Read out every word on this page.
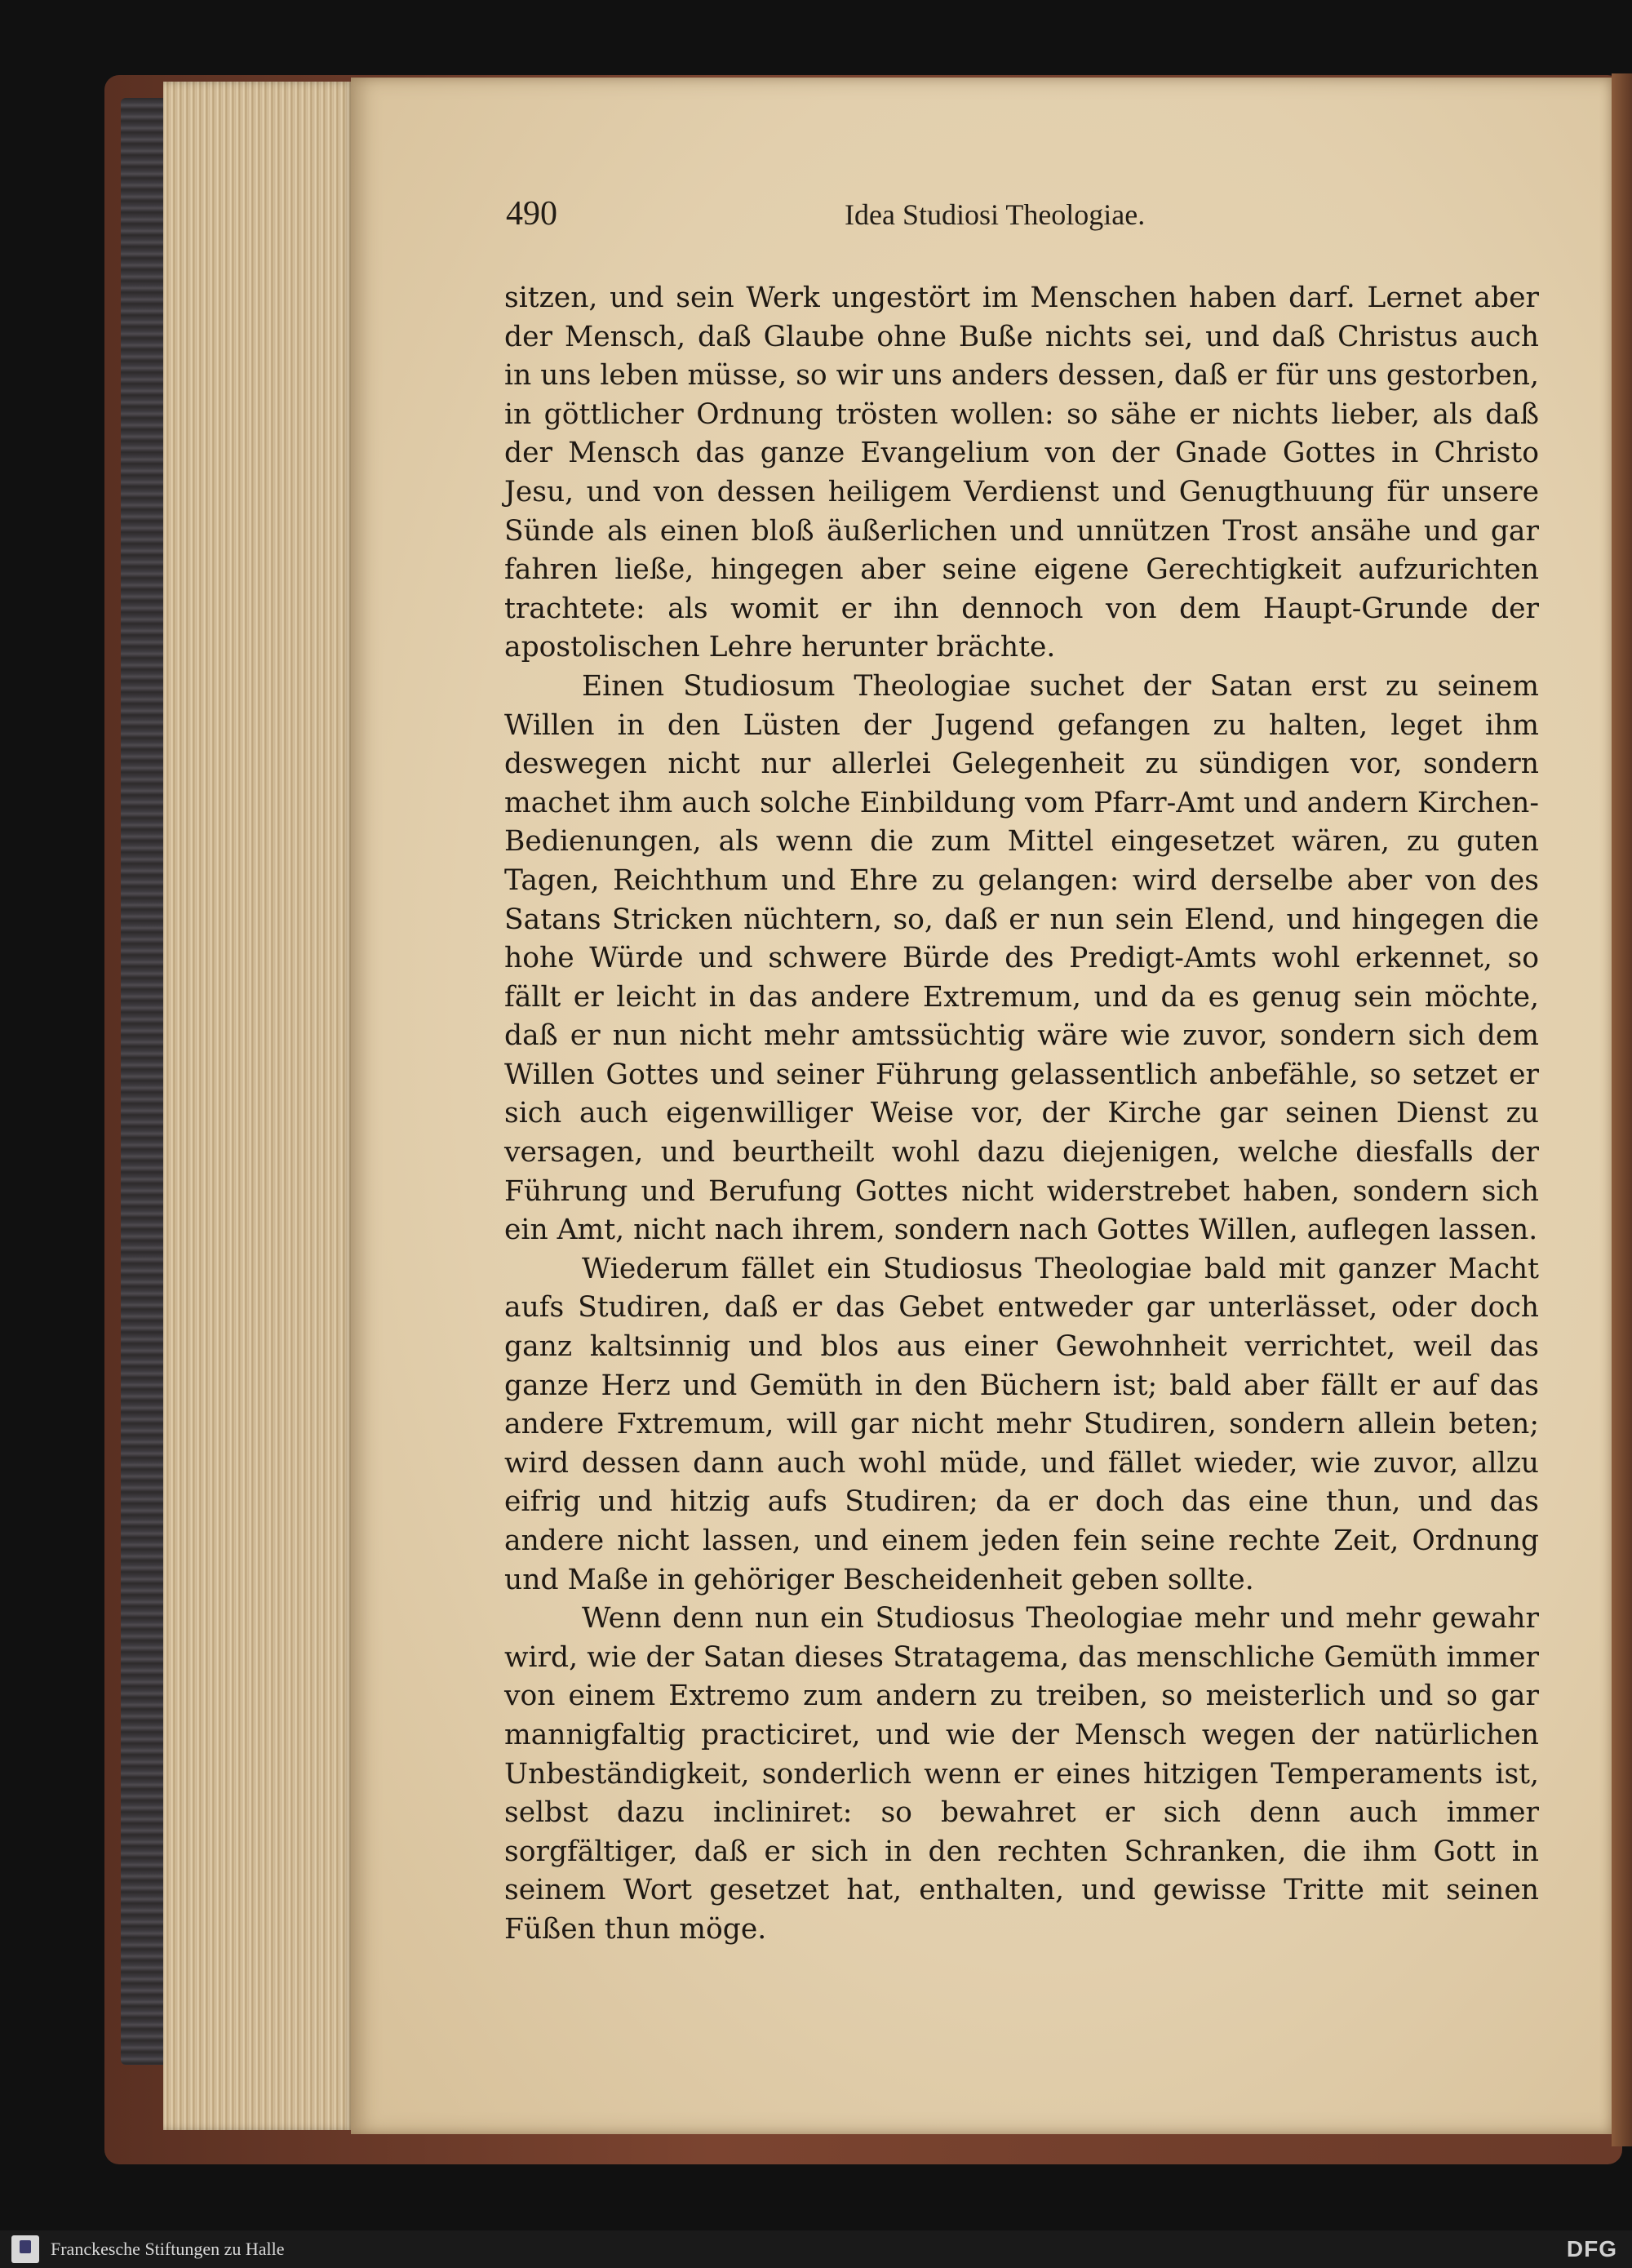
490	Idea Studiosi Theologiae.

sitzen, und sein Werk ungestört im Menschen haben darf. Lernet aber der Mensch, daß Glaube ohne Buße nichts sei, und daß Christus auch in uns leben müsse, so wir uns anders dessen, daß er für uns gestorben, in göttlicher Ordnung trösten wollen: so sähe er nichts lieber, als daß der Mensch das ganze Evangelium von der Gnade Gottes in Christo Jesu, und von dessen heiligem Verdienst und Genugthuung für unsere Sünde als einen bloß äußerlichen und unnützen Trost ansähe und gar fahren ließe, hingegen aber seine eigene Gerechtigkeit aufzurichten trachtete: als womit er ihn dennoch von dem Haupt-Grunde der apostolischen Lehre herunter brächte.

Einen Studiosum Theologiae suchet der Satan erst zu seinem Willen in den Lüsten der Jugend gefangen zu halten, leget ihm deswegen nicht nur allerlei Gelegenheit zu sündigen vor, sondern machet ihm auch solche Einbildung vom Pfarr-Amt und andern Kirchen-Bedienungen, als wenn die zum Mittel eingesetzet wären, zu guten Tagen, Reichthum und Ehre zu gelangen: wird derselbe aber von des Satans Stricken nüchtern, so, daß er nun sein Elend, und hingegen die hohe Würde und schwere Bürde des Predigt-Amts wohl erkennet, so fällt er leicht in das andere Extremum, und da es genug sein möchte, daß er nun nicht mehr amtssüchtig wäre wie zuvor, sondern sich dem Willen Gottes und seiner Führung gelassentlich anbefähle, so setzet er sich auch eigenwilliger Weise vor, der Kirche gar seinen Dienst zu versagen, und beurtheilt wohl dazu diejenigen, welche diesfalls der Führung und Berufung Gottes nicht widerstrebet haben, sondern sich ein Amt, nicht nach ihrem, sondern nach Gottes Willen, auflegen lassen.

Wiederum fället ein Studiosus Theologiae bald mit ganzer Macht aufs Studiren, daß er das Gebet entweder gar unterlässet, oder doch ganz kaltsinnig und blos aus einer Gewohnheit verrichtet, weil das ganze Herz und Gemüth in den Büchern ist; bald aber fällt er auf das andere Fxtremum, will gar nicht mehr Studiren, sondern allein beten; wird dessen dann auch wohl müde, und fället wieder, wie zuvor, allzu eifrig und hitzig aufs Studiren; da er doch das eine thun, und das andere nicht lassen, und einem jeden fein seine rechte Zeit, Ordnung und Maße in gehöriger Bescheidenheit geben sollte.

Wenn denn nun ein Studiosus Theologiae mehr und mehr gewahr wird, wie der Satan dieses Stratagema, das menschliche Gemüth immer von einem Extremo zum andern zu treiben, so meisterlich und so gar mannigfaltig practiciret, und wie der Mensch wegen der natürlichen Unbeständigkeit, sonderlich wenn er eines hitzigen Temperaments ist, selbst dazu incliniret: so bewahret er sich denn auch immer sorgfältiger, daß er sich in den rechten Schranken, die ihm Gott in seinem Wort gesetzet hat, enthalten, und gewisse Tritte mit seinen Füßen thun möge.

Franckesche Stiftungen zu Halle	DFG
